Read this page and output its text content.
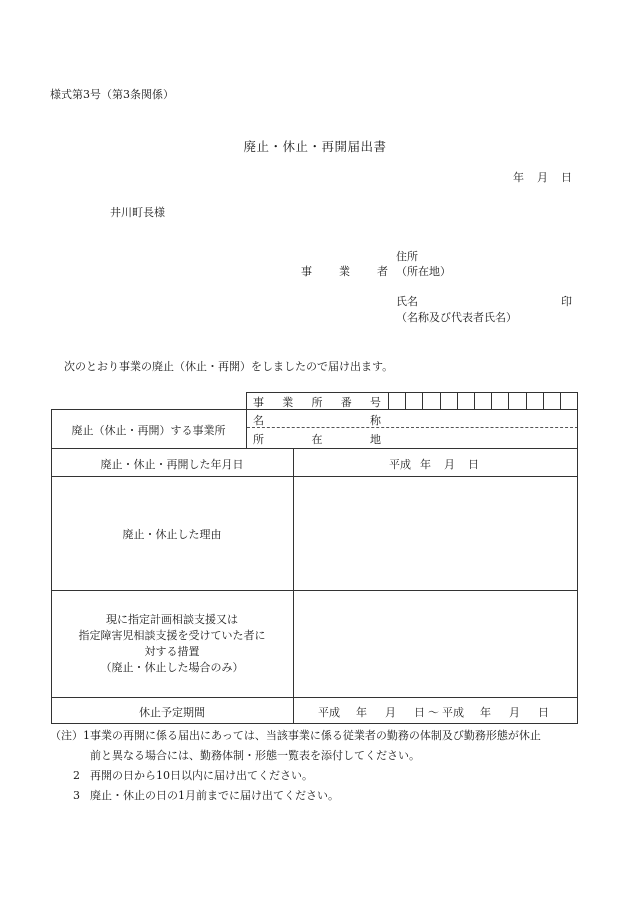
様式第3号（第3条関係）
廃止・休止・再開届出書
年 月 日
井川町長様
住所
事 業 者 （所在地）
氏名	印
（名称及び代表者氏名）
次のとおり事業の廃止（休止・再開）をしましたので届け出ます。
事 業 所 番 号
廃止（休止・再開）する事業所
名	称
所	在	地
廃止・休止・再開した年月日	平成 年 月 日
廃止・休止した理由
現に指定計画相談支援又は
指定障害児相談支援を受けていた者に
対する措置
（廃止・休止した場合のみ）
休止予定期間	平成 年 月 日 ～ 平成 年 月 日
（注）1 事業の再開に係る届出にあっては、当該事業に係る従業者の勤務の体制及び勤務形態が休止
前と異なる場合には、勤務体制・形態一覧表を添付してください。
2 再開の日から10日以内に届け出てください。
3 廃止・休止の日の1月前までに届け出てください。
